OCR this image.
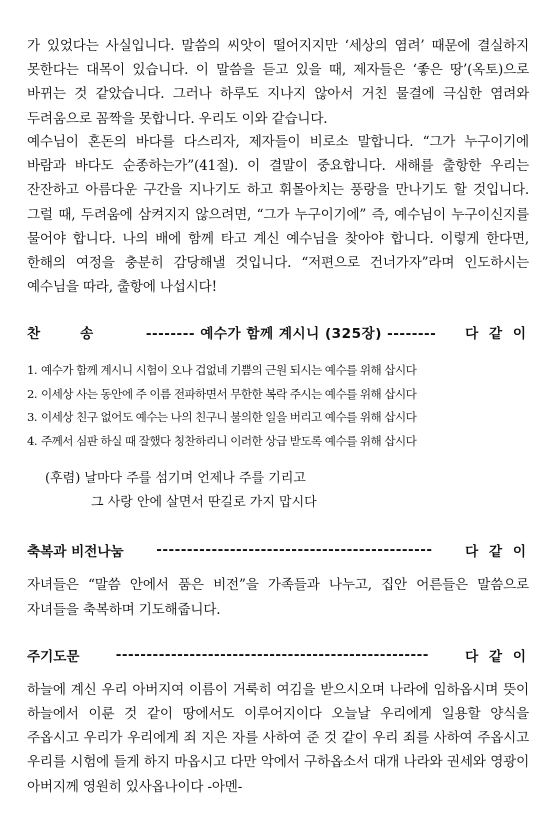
가 있었다는 사실입니다. 말씀의 씨앗이 떨어지지만 ‘세상의 염려’ 때문에 결실하지 못한다는 대목이 있습니다. 이 말씀을 듣고 있을 때, 제자들은 ‘좋은 땅’(옥토)으로 바뀌는 것 같았습니다. 그러나 하루도 지나지 않아서 거친 물결에 극심한 염려와 두려움으로 꼼짝을 못합니다. 우리도 이와 같습니다.

예수님이 혼돈의 바다를 다스리자, 제자들이 비로소 말합니다. “그가 누구이기에 바람과 바다도 순종하는가”(41절). 이 결말이 중요합니다. 새해를 출항한 우리는 잔잔하고 아름다운 구간을 지나기도 하고 휘몰아치는 풍랑을 만나기도 할 것입니다. 그럴 때, 두려움에 삼켜지지 않으려면, “그가 누구이기에” 즉, 예수님이 누구이신지를 물어야 합니다. 나의 배에 함께 타고 계신 예수님을 찾아야 합니다. 이렇게 한다면, 한해의 여정을 충분히 감당해낼 것입니다. “저편으로 건너가자”라며 인도하시는 예수님을 따라, 출항에 나섭시다!

찬송 -------- 예수가 함께 계시니 (325장) --------	다 같 이
1. 예수가 함께 계시니 시험이 오나 겁없네 기쁨의 근원 되시는 예수를 위해 삽시다
2. 이세상 사는 동안에 주 이름 전파하면서 무한한 복락 주시는 예수를 위해 삽시다
3. 이세상 친구 없어도 예수는 나의 친구니 불의한 일을 버리고 예수를 위해 삽시다
4. 주께서 심판 하실 때 잘했다 칭찬하리니 이러한 상급 받도록 예수를 위해 삽시다
(후렴) 날마다 주를 섬기며 언제나 주를 기리고
그 사랑 안에 살면서 딴길로 가지 맙시다
축복과 비전나눔	---------------------------------------------	다 같 이

자녀들은 “말씀 안에서 품은 비전”을 가족들과 나누고, 집안 어른들은 말씀으로 자녀들을 축복하며 기도해줍니다.

주기도문	---------------------------------------------------	다 같 이

하늘에 계신 우리 아버지여 이름이 거룩히 여김을 받으시오며 나라에 임하옵시며 뜻이 하늘에서 이룬 것 같이 땅에서도 이루어지이다 오늘날 우리에게 일용할 양식을 주옵시고 우리가 우리에게 죄 지은 자를 사하여 준 것 같이 우리 죄를 사하여 주옵시고 우리를 시험에 들게 하지 마옵시고 다만 악에서 구하옵소서 대개 나라와 권세와 영광이 아버지께 영원히 있사옵나이다 -아멘-
